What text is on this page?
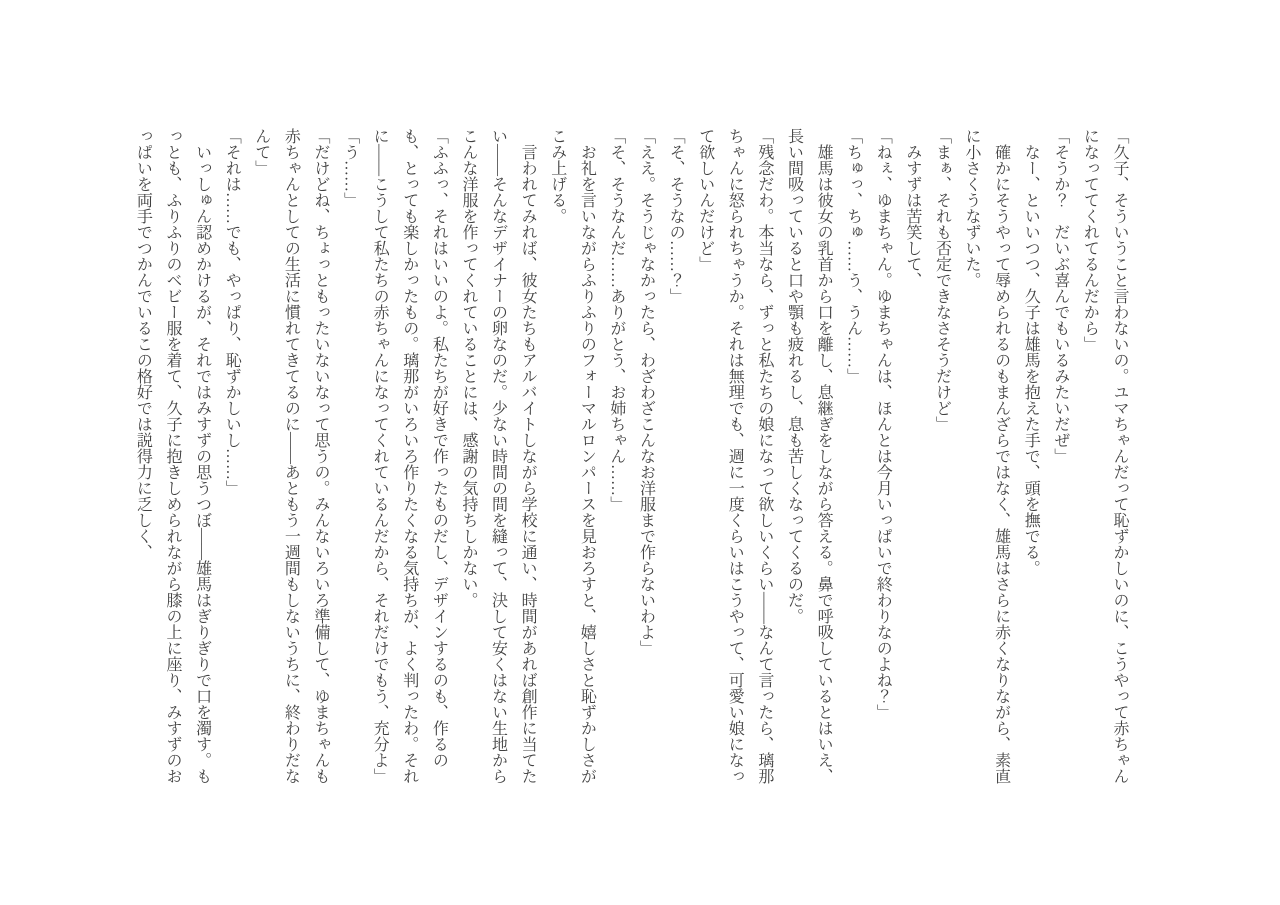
「久子、そういうこと言わないの。ユマちゃんだって恥ずかしいのに、こうやって赤ちゃんになっててくれてるんだから」

「そうか？　だいぶ喜んでもいるみたいだぜ」

なー、といいつつ、久子は雄馬を抱えた手で、頭を撫でる。

確かにそうやって辱められるのもまんざらではなく、雄馬はさらに赤くなりながら、素直に小さくうなずいた。

「まぁ、それも否定できなさそうだけど」

みすずは苦笑して、

「ねぇ、ゆまちゃん。ゆまちゃんは、ほんとは今月いっぱいで終わりなのよね？」

「ちゅっ、ちゅ……う、うん……」

雄馬は彼女の乳首から口を離し、息継ぎをしながら答える。鼻で呼吸しているとはいえ、長い間吸っていると口や顎も疲れるし、息も苦しくなってくるのだ。

「残念だわ。本当なら、ずっと私たちの娘になって欲しいくらい――なんて言ったら、璃那ちゃんに怒られちゃうか。それは無理でも、週に一度くらいはこうやって、可愛い娘になって欲しいんだけど」

「そ、そうなの……？」

「ええ。そうじゃなかったら、わざわざこんなお洋服まで作らないわよ」

「そ、そうなんだ……ありがとう、お姉ちゃん……」

お礼を言いながらふりふりのフォーマルロンパースを見おろすと、嬉しさと恥ずかしさがこみ上げる。

言われてみれば、彼女たちもアルバイトしながら学校に通い、時間があれば創作に当てたい――そんなデザイナーの卵なのだ。少ない時間の間を縫って、決して安くはない生地からこんな洋服を作ってくれていることには、感謝の気持ちしかない。

「ふふっ、それはいいのよ。私たちが好きで作ったものだし、デザインするのも、作るのも、とっても楽しかったもの。璃那がいろいろ作りたくなる気持ちが、よく判ったわ。それに――こうして私たちの赤ちゃんになってくれているんだから、それだけでもう、充分よ」

「う……」

「だけどね、ちょっともったいないなって思うの。みんないろいろ準備して、ゆまちゃんも赤ちゃんとしての生活に慣れてきてるのに――あともう一週間もしないうちに、終わりだなんて」

「それは……でも、やっぱり、恥ずかしいし……」

いっしゅん認めかけるが、それではみすずの思うつぼ――雄馬はぎりぎりで口を濁す。もっとも、ふりふりのベビー服を着て、久子に抱きしめられながら膝の上に座り、みすずのおっぱいを両手でつかんでいるこの格好では説得力に乏しく、
